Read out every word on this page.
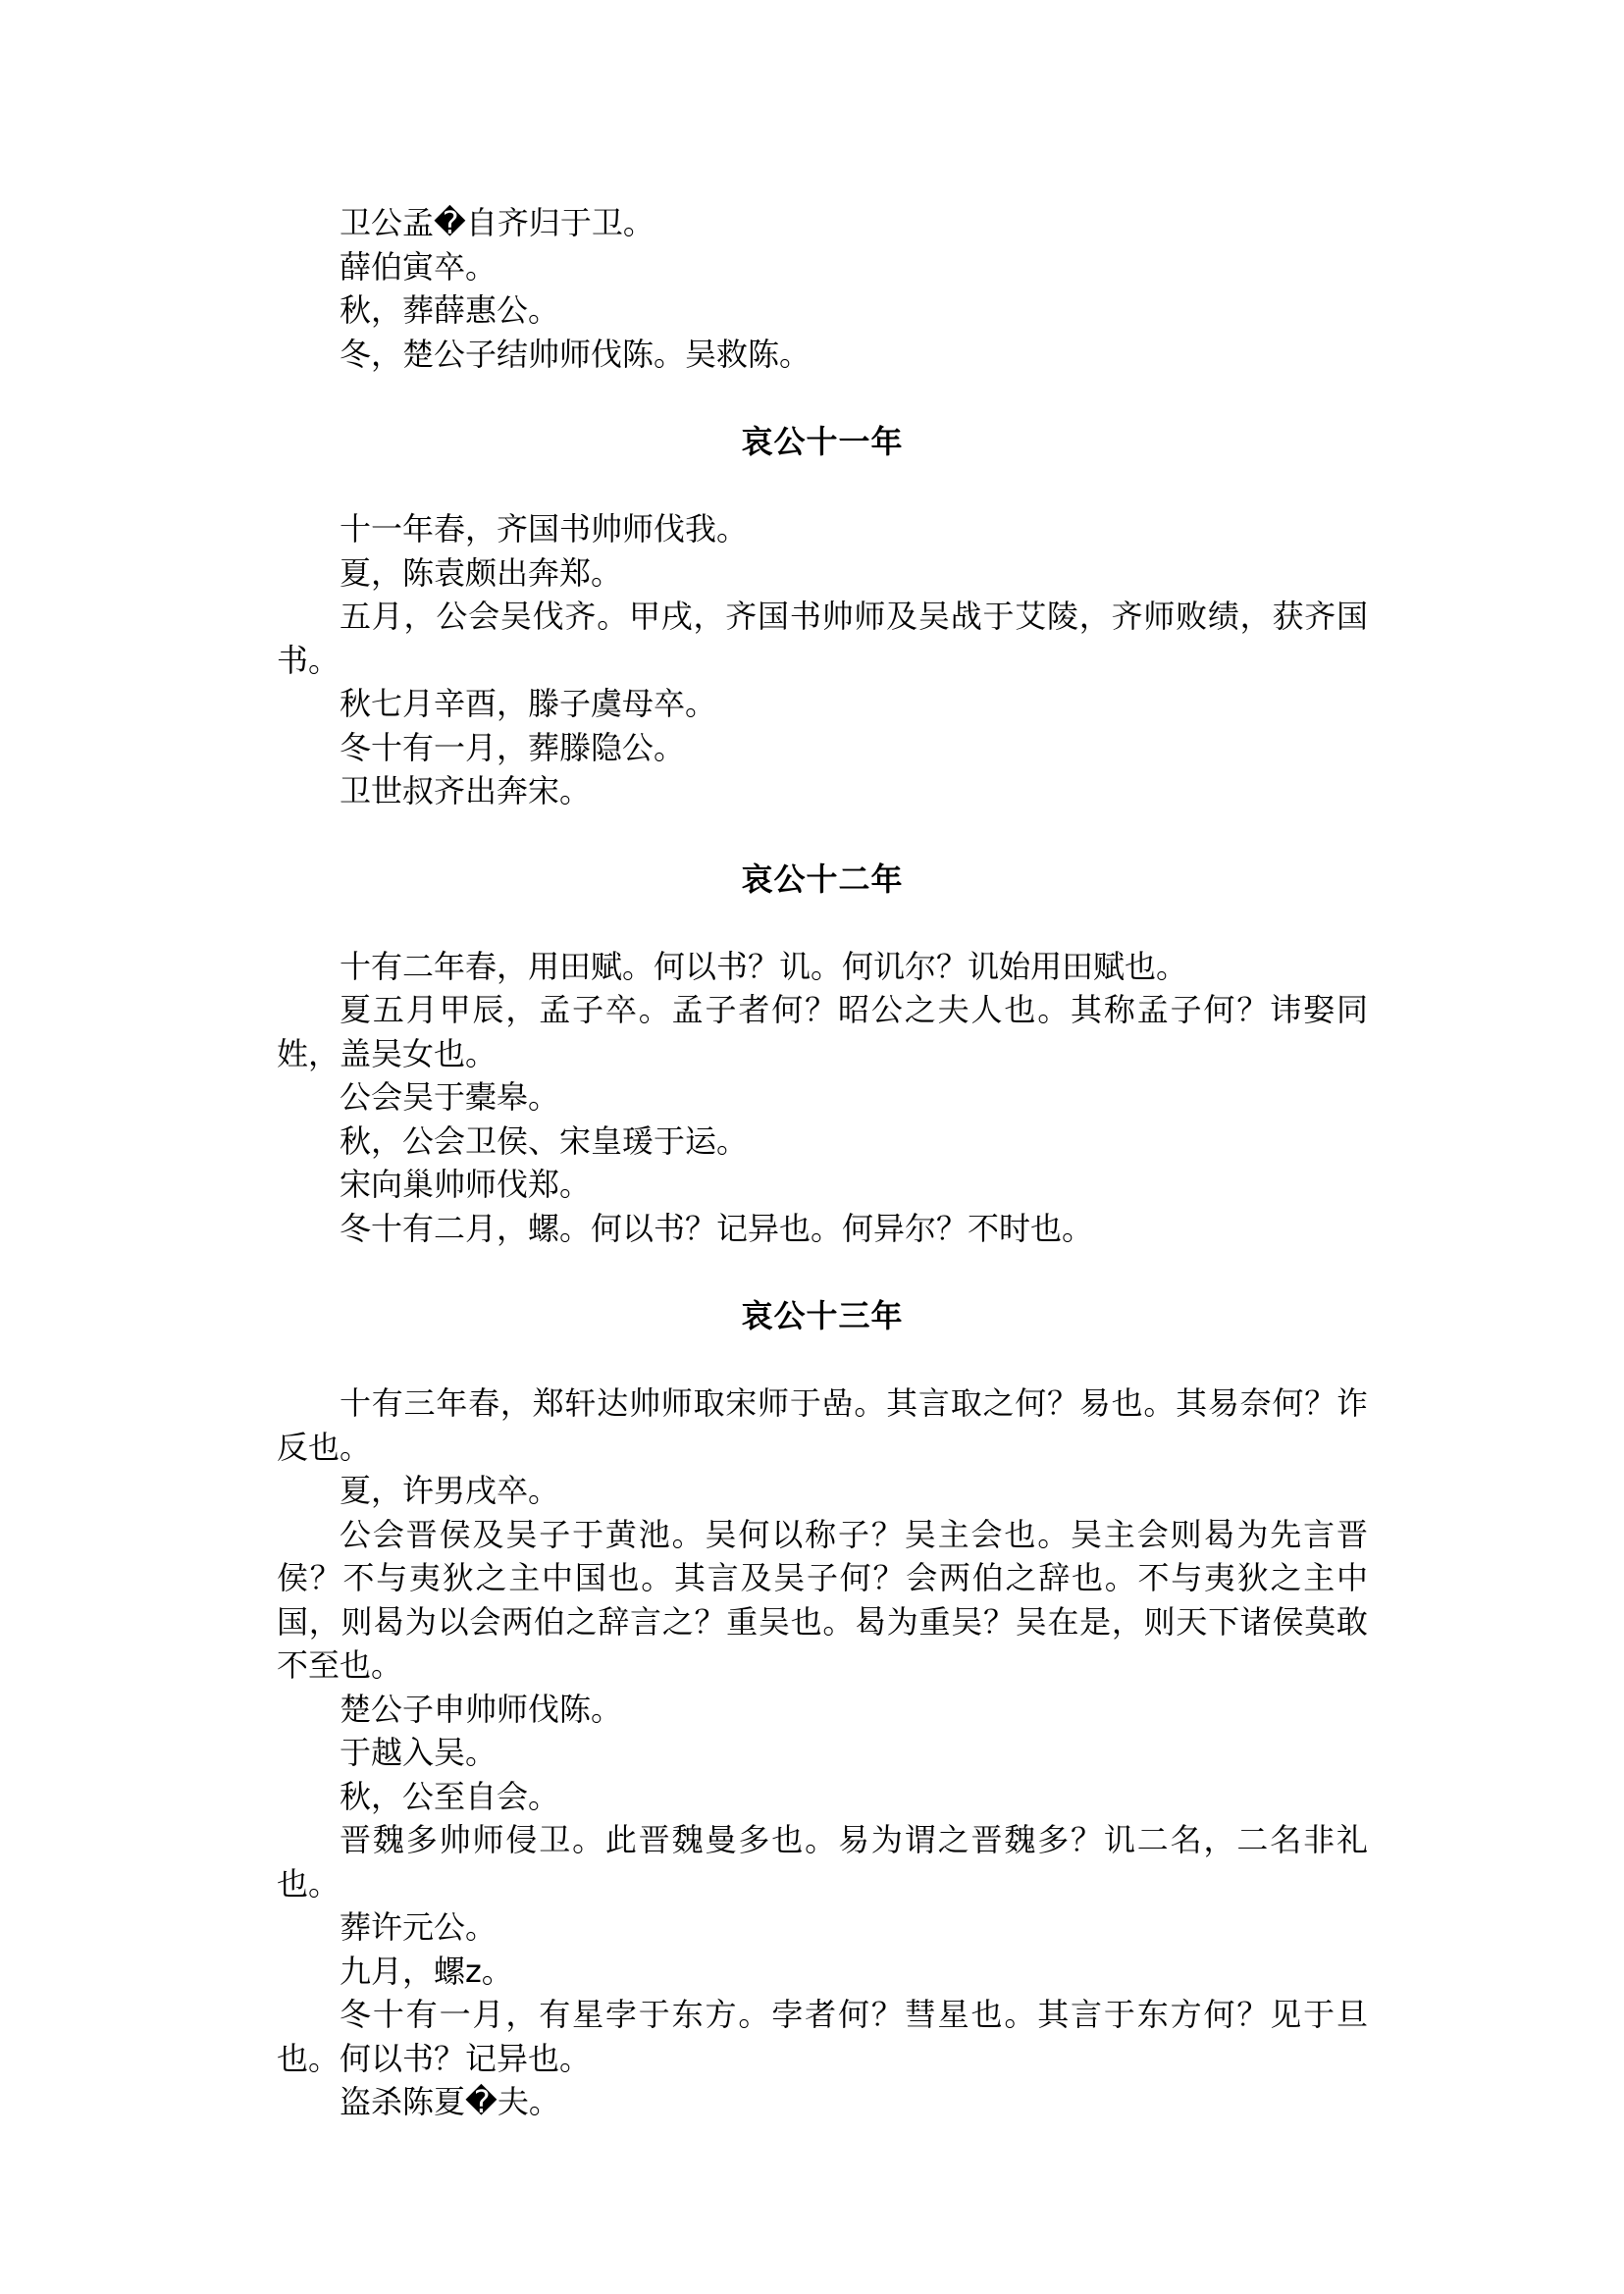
卫公孟�自齐归于卫。

薛伯寅卒。

秋，葬薛惠公。

冬，楚公子结帅师伐陈。吴救陈。

哀公十一年

十一年春，齐国书帅师伐我。

夏，陈袁颇出奔郑。

五月，公会吴伐齐。甲戌，齐国书帅师及吴战于艾陵，齐师败绩，获齐国书。

秋七月辛酉，滕子虞母卒。

冬十有一月，葬滕隐公。

卫世叔齐出奔宋。

哀公十二年

十有二年春，用田赋。何以书？讥。何讥尔？讥始用田赋也。

夏五月甲辰，孟子卒。孟子者何？昭公之夫人也。其称孟子何？讳娶同姓，盖吴女也。

公会吴于橐皋。

秋，公会卫侯、宋皇瑗于运。

宋向巢帅师伐郑。

冬十有二月，螺。何以书？记异也。何异尔？不时也。

哀公十三年

十有三年春，郑轩达帅师取宋师于嵒。其言取之何？易也。其易奈何？诈反也。

夏，许男戌卒。

公会晋侯及吴子于黄池。吴何以称子？吴主会也。吴主会则曷为先言晋侯？不与夷狄之主中国也。其言及吴子何？会两伯之辞也。不与夷狄之主中国，则曷为以会两伯之辞言之？重吴也。曷为重吴？吴在是，则天下诸侯莫敢不至也。

楚公子申帅师伐陈。

于越入吴。

秋，公至自会。

晋魏多帅师侵卫。此晋魏曼多也。易为谓之晋魏多？讥二名，二名非礼也。

葬许元公。

九月，螺z。

冬十有一月，有星孛于东方。孛者何？彗星也。其言于东方何？见于旦也。何以书？记异也。

盗杀陈夏�夫。
